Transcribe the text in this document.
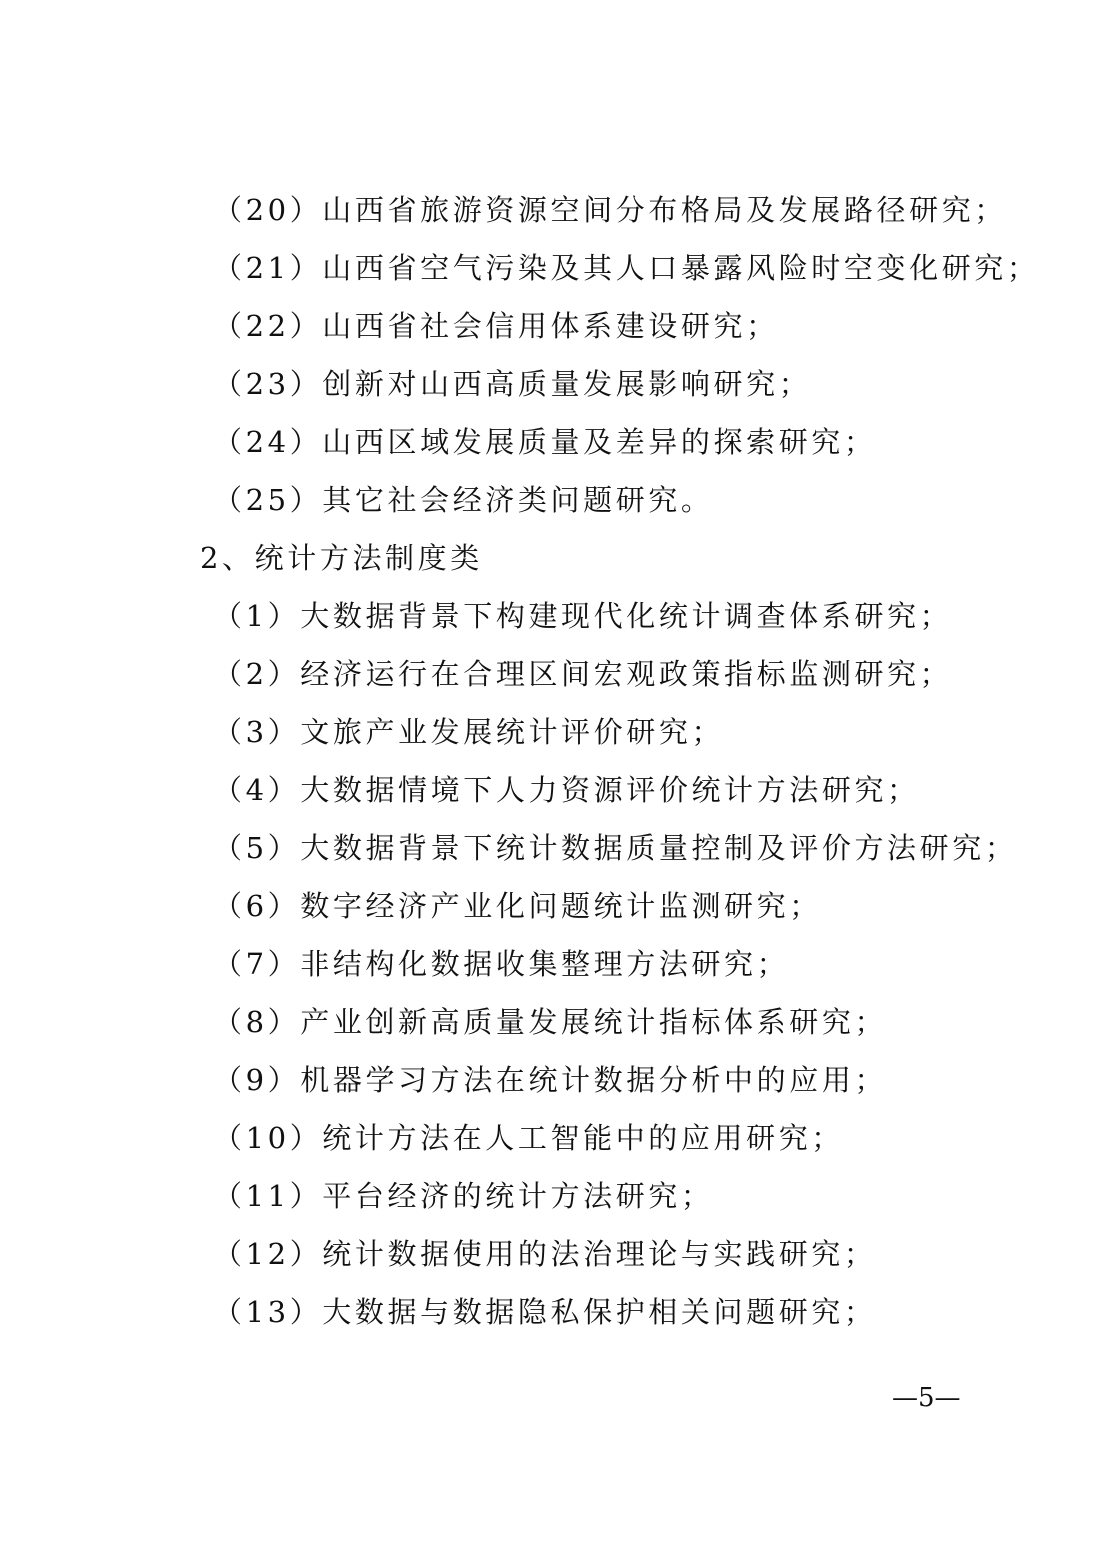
（20）山西省旅游资源空间分布格局及发展路径研究；
（21）山西省空气污染及其人口暴露风险时空变化研究；
（22）山西省社会信用体系建设研究；
（23）创新对山西高质量发展影响研究；
（24）山西区域发展质量及差异的探索研究；
（25）其它社会经济类问题研究。
2、统计方法制度类
（1）大数据背景下构建现代化统计调查体系研究；
（2）经济运行在合理区间宏观政策指标监测研究；
（3）文旅产业发展统计评价研究；
（4）大数据情境下人力资源评价统计方法研究；
（5）大数据背景下统计数据质量控制及评价方法研究；
（6）数字经济产业化问题统计监测研究；
（7）非结构化数据收集整理方法研究；
（8）产业创新高质量发展统计指标体系研究；
（9）机器学习方法在统计数据分析中的应用；
（10）统计方法在人工智能中的应用研究；
（11）平台经济的统计方法研究；
（12）统计数据使用的法治理论与实践研究；
（13）大数据与数据隐私保护相关问题研究；
—5—
